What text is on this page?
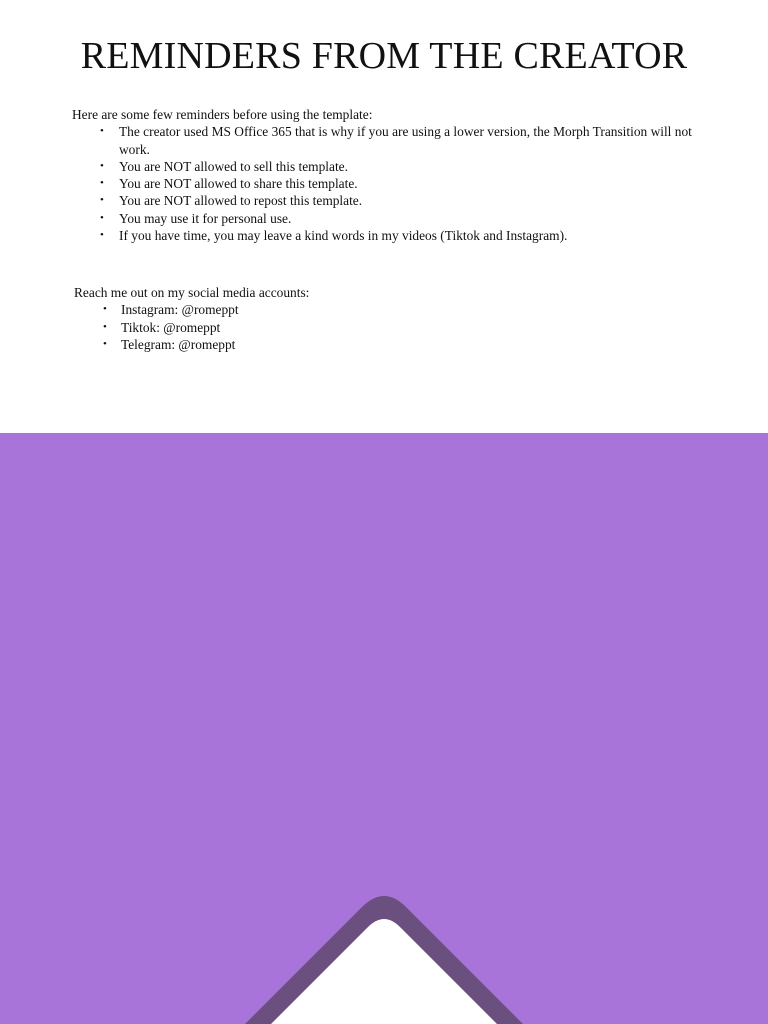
REMINDERS FROM THE CREATOR

Here are some few reminders before using the template:

• The creator used MS Office 365 that is why if you are using a lower version, the Morph Transition will not work.
• You are NOT allowed to sell this template.
• You are NOT allowed to share this template.
• You are NOT allowed to repost this template.
• You may use it for personal use.
• If you have time, you may leave a kind words in my videos (Tiktok and Instagram).

Reach me out on my social media accounts:

• Instagram: @romeppt
• Tiktok: @romeppt
• Telegram: @romeppt
